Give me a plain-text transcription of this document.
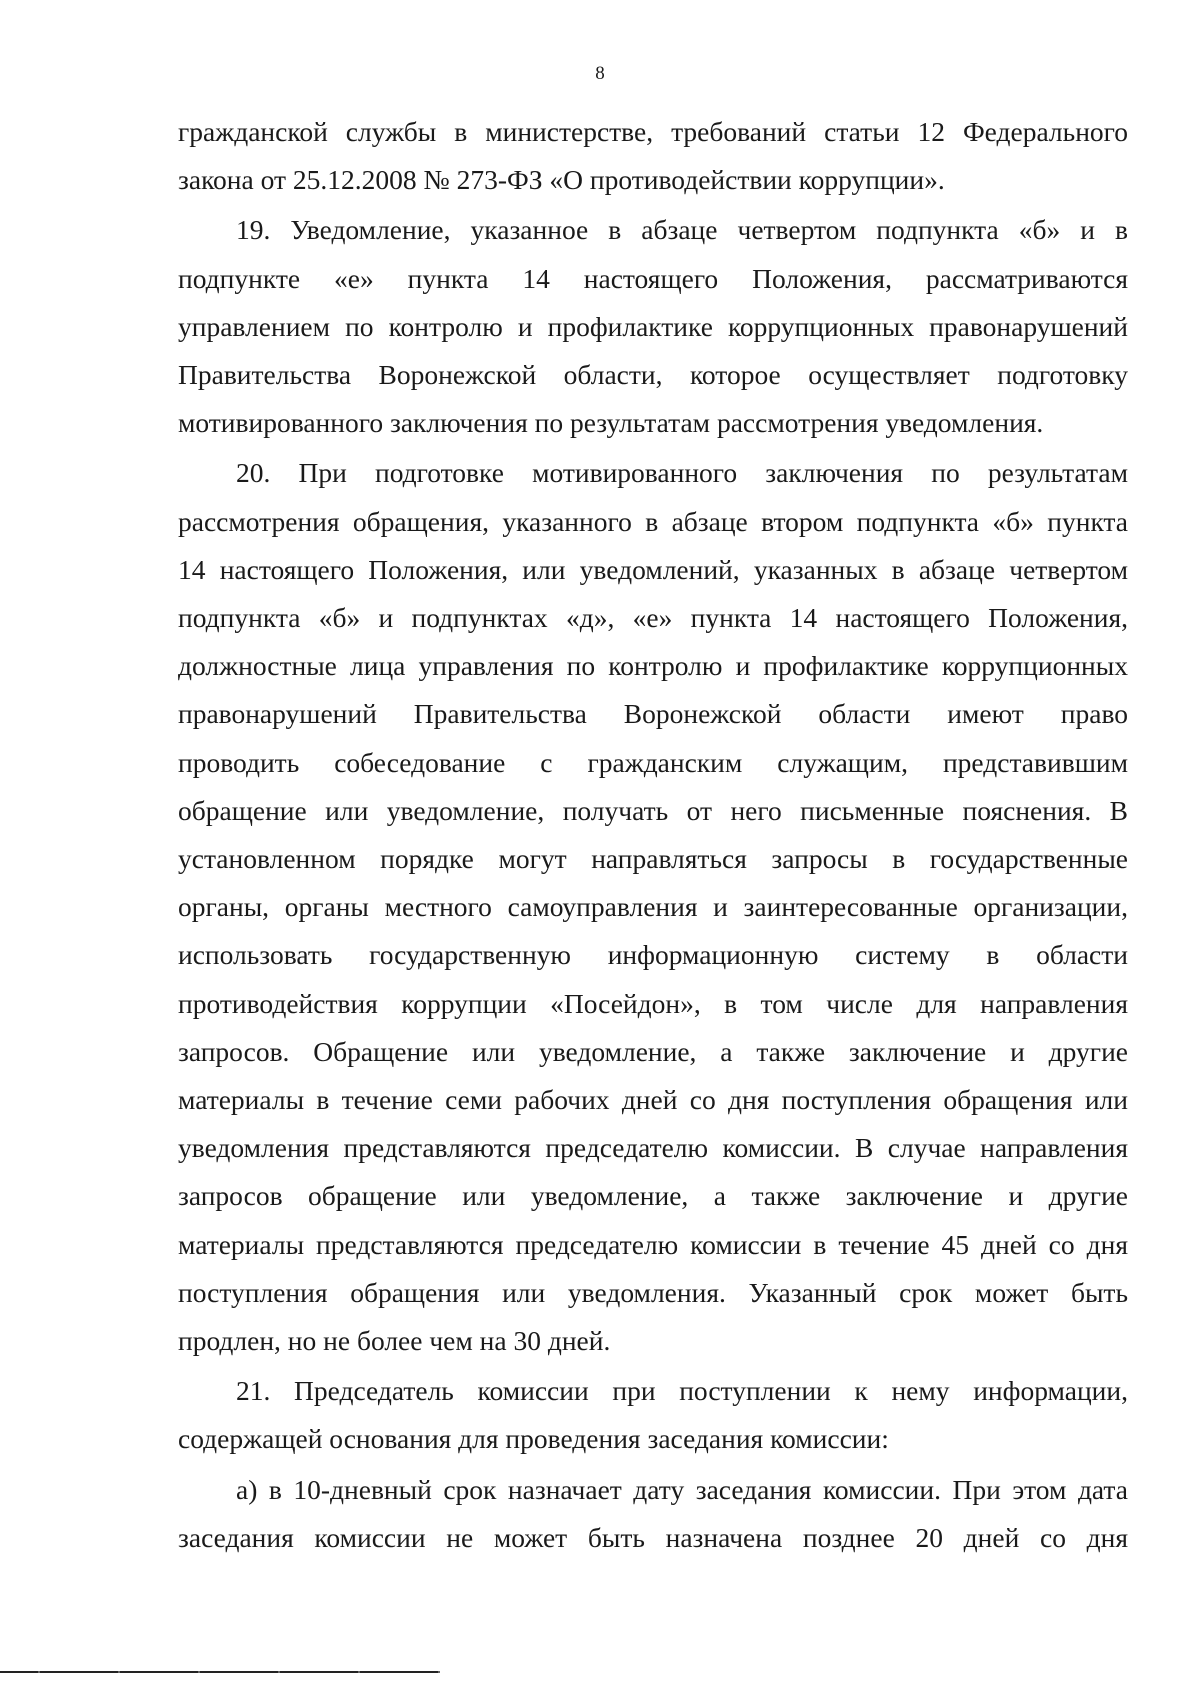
8
гражданской службы в министерстве, требований статьи 12 Федерального
закона от 25.12.2008 № 273-ФЗ «О противодействии коррупции».
19. Уведомление, указанное в абзаце четвертом подпункта «б» и в
подпункте «е» пункта 14 настоящего Положения, рассматриваются
управлением по контролю и профилактике коррупционных правонарушений
Правительства Воронежской области, которое осуществляет подготовку
мотивированного заключения по результатам рассмотрения уведомления.
20. При подготовке мотивированного заключения по результатам
рассмотрения обращения, указанного в абзаце втором подпункта «б» пункта
14 настоящего Положения, или уведомлений, указанных в абзаце четвертом
подпункта «б» и подпунктах «д», «е» пункта 14 настоящего Положения,
должностные лица управления по контролю и профилактике коррупционных
правонарушений Правительства Воронежской области имеют право
проводить собеседование с гражданским служащим, представившим
обращение или уведомление, получать от него письменные пояснения. В
установленном порядке могут направляться запросы в государственные
органы, органы местного самоуправления и заинтересованные организации,
использовать государственную информационную систему в области
противодействия коррупции «Посейдон», в том числе для направления
запросов. Обращение или уведомление, а также заключение и другие
материалы в течение семи рабочих дней со дня поступления обращения или
уведомления представляются председателю комиссии. В случае направления
запросов обращение или уведомление, а также заключение и другие
материалы представляются председателю комиссии в течение 45 дней со дня
поступления обращения или уведомления. Указанный срок может быть
продлен, но не более чем на 30 дней.
21. Председатель комиссии при поступлении к нему информации,
содержащей основания для проведения заседания комиссии:
а) в 10-дневный срок назначает дату заседания комиссии. При этом дата
заседания комиссии не может быть назначена позднее 20 дней со дня
